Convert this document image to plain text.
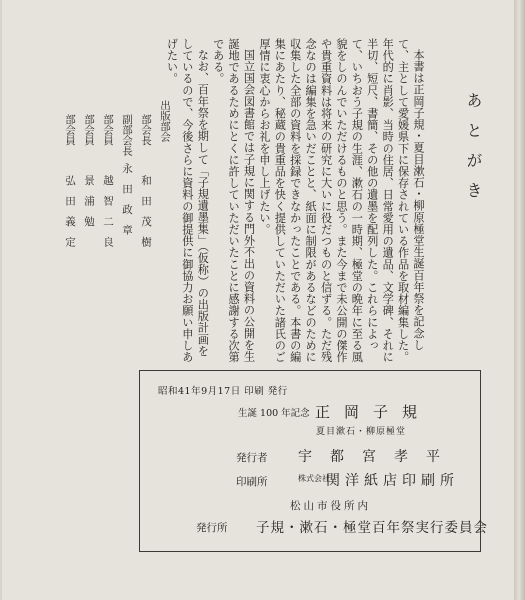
あとがき

本書は正岡子規・夏目漱石・柳原極堂生誕百年祭を記念して、主として愛媛県下に保存されている作品を取材編集した。年代的に肖影、当時の住居、日常愛用の遺品、文学碑、それに半切、短尺、書簡、その他の遺墨を配列した。これらによって、いちおう子規の生涯、漱石の一時期、極堂の晩年に至る風貌をしのんでいただけるものと思う。また今まで未公開の傑作や貴重資料は将来の研究に大いに役だつものと信ずる。ただ残念なのは編集を急いだことと、紙面に制限があるなどのために収集した全部の資料を採録できなかったことである。本書の編集にあたり、秘蔵の貴重品を快く提供していただいた諸氏のご厚情に衷心からお礼を申し上げたい。

国立国会図書館では子規に関する門外不出の資料の公開を生誕地であるためにとくに許していただいたことに感謝する次第である。

なお、百年祭を期して「子規遺墨集」（仮称）の出版計画をしているので、今後さらに資料の御提供に御協力お願い申しあげたい。

出版部会
部会長 和田茂樹
副部会長 永田政章
部会員 越智二良
部会員 景浦勉
部会員 弘田義定
昭和41年9月17日 印刷 発行
生誕 100 年記念 正岡子規
夏目漱石・柳原極堂
発行者 宇都宮孝平
印刷所	株式会社
関洋紙店印刷所
松山市役所内
発行所 子規・漱石・極堂百年祭実行委員会
